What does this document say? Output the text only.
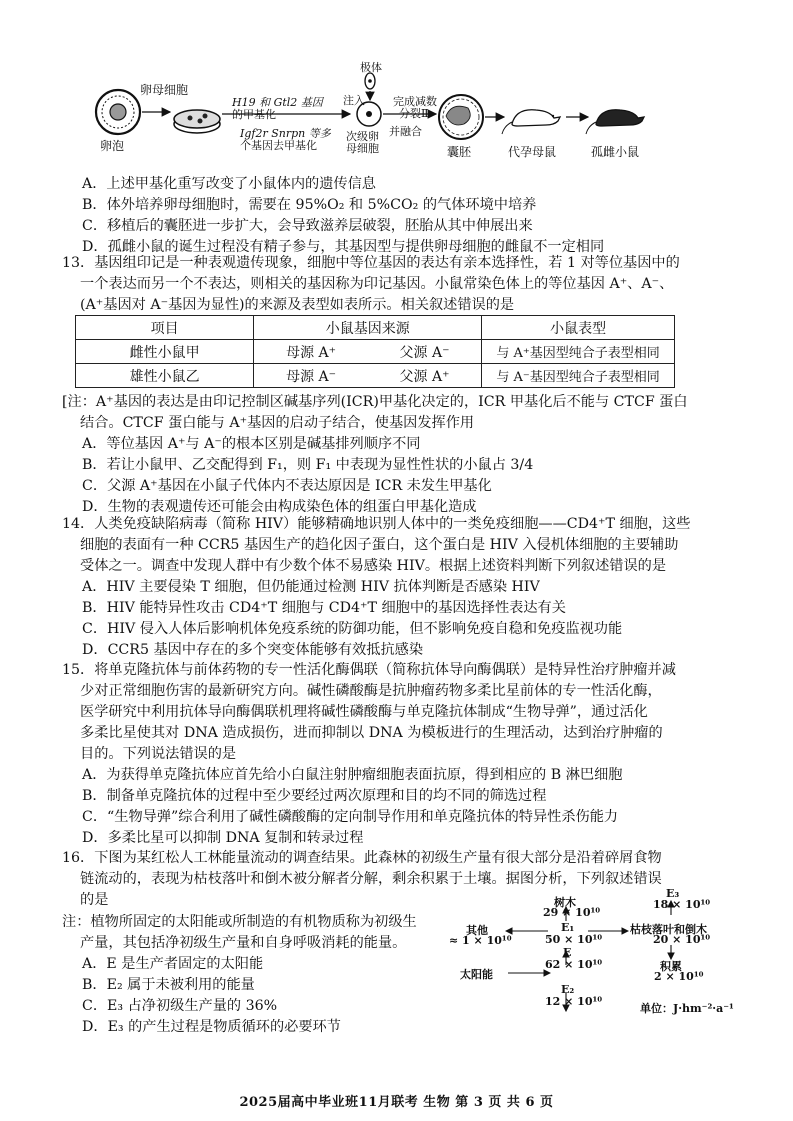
卵母细胞
卵泡
H19 和 Gtl2 基因
的甲基化
Igf2r Snrpn 等多
个基因去甲基化
次级卵
母细胞
极体
注入	完成减数
分裂Ⅱ
并融合
囊胚	代孕母鼠	孤雌小鼠
A．上述甲基化重写改变了小鼠体内的遗传信息
B．体外培养卵母细胞时，需要在 95%O₂ 和 5%CO₂ 的气体环境中培养
C．移植后的囊胚进一步扩大，会导致滋养层破裂，胚胎从其中伸展出来
D．孤雌小鼠的诞生过程没有精子参与，其基因型与提供卵母细胞的雌鼠不一定相同
13．基因组印记是一种表观遗传现象，细胞中等位基因的表达有亲本选择性，若 1 对等位基因中的
一个表达而另一个不表达，则相关的基因称为印记基因。小鼠常染色体上的等位基因 A⁺、A⁻、
(A⁺基因对 A⁻基因为显性)的来源及表型如表所示。相关叙述错误的是
项目	小鼠基因来源		小鼠表型
雌性小鼠甲	母源 A⁺	父源 A⁻	与 A⁺基因型纯合子表型相同
雄性小鼠乙	母源 A⁻	父源 A⁺	与 A⁻基因型纯合子表型相同
[注：A⁺基因的表达是由印记控制区碱基序列(ICR)甲基化决定的，ICR 甲基化后不能与 CTCF 蛋白
结合。CTCF 蛋白能与 A⁺基因的启动子结合，使基因发挥作用
A．等位基因 A⁺与 A⁻的根本区别是碱基排列顺序不同
B．若让小鼠甲、乙交配得到 F₁，则 F₁ 中表现为显性性状的小鼠占 3/4
C．父源 A⁺基因在小鼠子代体内不表达原因是 ICR 未发生甲基化
D．生物的表观遗传还可能会由构成染色体的组蛋白甲基化造成
14．人类免疫缺陷病毒（简称 HIV）能够精确地识别人体中的一类免疫细胞——CD4⁺T 细胞，这些
细胞的表面有一种 CCR5 基因生产的趋化因子蛋白，这个蛋白是 HIV 入侵机体细胞的主要辅助
受体之一。调查中发现人群中有少数个体不易感染 HIV。根据上述资料判断下列叙述错误的是
A．HIV 主要侵染 T 细胞，但仍能通过检测 HIV 抗体判断是否感染 HIV
B．HIV 能特异性攻击 CD4⁺T 细胞与 CD4⁺T 细胞中的基因选择性表达有关
C．HIV 侵入人体后影响机体免疫系统的防御功能，但不影响免疫自稳和免疫监视功能
D．CCR5 基因中存在的多个突变体能够有效抵抗感染
15．将单克隆抗体与前体药物的专一性活化酶偶联（简称抗体导向酶偶联）是特异性治疗肿瘤并减
少对正常细胞伤害的最新研究方向。碱性磷酸酶是抗肿瘤药物多柔比星前体的专一性活化酶，
医学研究中利用抗体导向酶偶联机理将碱性磷酸酶与单克隆抗体制成“生物导弹”，通过活化
多柔比星使其对 DNA 造成损伤，进而抑制以 DNA 为模板进行的生理活动，达到治疗肿瘤的
目的。下列说法错误的是
A．为获得单克隆抗体应首先给小白鼠注射肿瘤细胞表面抗原，得到相应的 B 淋巴细胞
B．制备单克隆抗体的过程中至少要经过两次原理和目的均不同的筛选过程
C．“生物导弹”综合利用了碱性磷酸酶的定向制导作用和单克隆抗体的特异性杀伤能力
D．多柔比星可以抑制 DNA 复制和转录过程
16．下图为某红松人工林能量流动的调查结果。此森林的初级生产量有很大部分是沿着碎屑食物
链流动的，表现为枯枝落叶和倒木被分解者分解，剩余积累于土壤。据图分析，下列叙述错误
的是
注：植物所固定的太阳能或所制造的有机物质称为初级生
产量，其包括净初级生产量和自身呼吸消耗的能量。
A．E 是生产者固定的太阳能
B．E₂ 属于未被利用的能量
C．E₃ 占净初级生产量的 36%
D．E₃ 的产生过程是物质循环的必要环节
树木
29 × 10¹⁰
E₁
50 × 10¹⁰
E
62 × 10¹⁰
E₂
12 × 10¹⁰
太阳能
其他
≈ 1 × 10¹⁰
E₃
18 × 10¹⁰
枯枝落叶和倒木
20 × 10¹⁰
积累
2 × 10¹⁰
单位：J·hm⁻²·a⁻¹
2025届高中毕业班11月联考 生物 第 3 页 共 6 页
